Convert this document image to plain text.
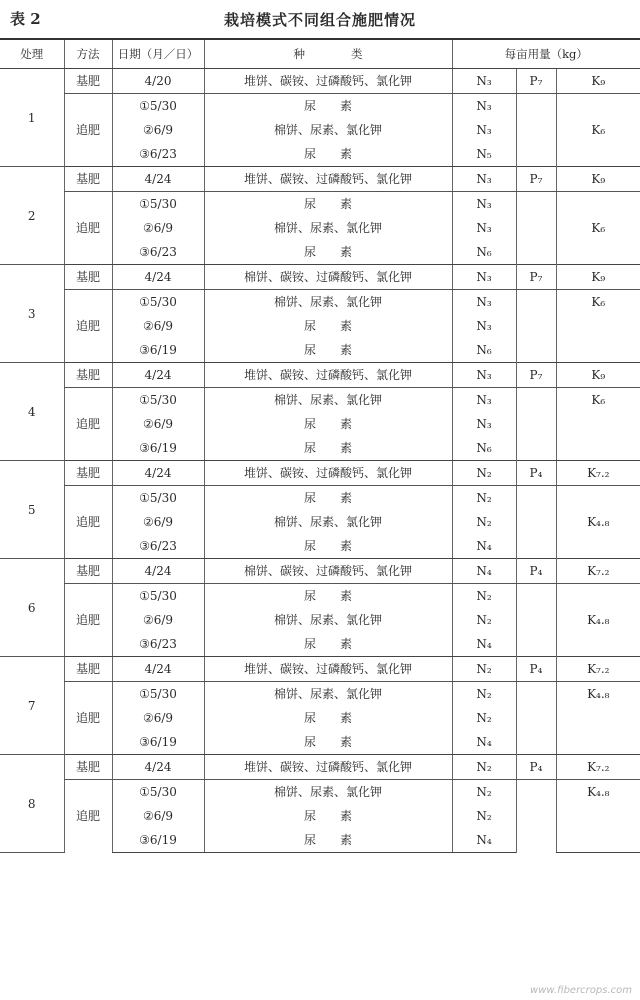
表 2	栽培模式不同组合施肥情况
处理	方法	日期（月／日）	种　　　　类	每亩用量（kg）		
1	基肥	4/20	堆饼、碳铵、过磷酸钙、氯化钾	N₃	P₇	K₉
	追肥	①5/30	尿　　素	N₃		K₆
		②6/9	棉饼、尿素、氯化钾	N₃		
		③6/23	尿　　素	N₅		
2	基肥	4/24	堆饼、碳铵、过磷酸钙、氯化钾	N₃	P₇	K₉
	追肥	①5/30	尿　　素	N₃		K₆
		②6/9	棉饼、尿素、氯化钾	N₃		
		③6/23	尿　　素	N₆		
3	基肥	4/24	棉饼、碳铵、过磷酸钙、氯化钾	N₃	P₇	K₉
	追肥	①5/30	棉饼、尿素、氯化钾	N₃		K₆
		②6/9	尿　　素	N₃		
		③6/19	尿　　素	N₆		
4	基肥	4/24	堆饼、碳铵、过磷酸钙、氯化钾	N₃	P₇	K₉
	追肥	①5/30	棉饼、尿素、氯化钾	N₃		K₆
		②6/9	尿　　素	N₃		
		③6/19	尿　　素	N₆		
5	基肥	4/24	堆饼、碳铵、过磷酸钙、氯化钾	N₂	P₄	K₇.₂
	追肥	①5/30	尿　　素	N₂		K₄.₈
		②6/9	棉饼、尿素、氯化钾	N₂		
		③6/23	尿　　素	N₄		
6	基肥	4/24	棉饼、碳铵、过磷酸钙、氯化钾	N₄	P₄	K₇.₂
	追肥	①5/30	尿　　素	N₂		K₄.₈
		②6/9	棉饼、尿素、氯化钾	N₂		
		③6/23	尿　　素	N₄		
7	基肥	4/24	堆饼、碳铵、过磷酸钙、氯化钾	N₂	P₄	K₇.₂
	追肥	①5/30	棉饼、尿素、氯化钾	N₂		K₄.₈
		②6/9	尿　　素	N₂		
		③6/19	尿　　素	N₄		
8	基肥	4/24	堆饼、碳铵、过磷酸钙、氯化钾	N₂	P₄	K₇.₂
	追肥	①5/30	棉饼、尿素、氯化钾	N₂		K₄.₈
		②6/9	尿　　素	N₂		
		③6/19	尿　　素	N₄		
www.fibercrops.com
